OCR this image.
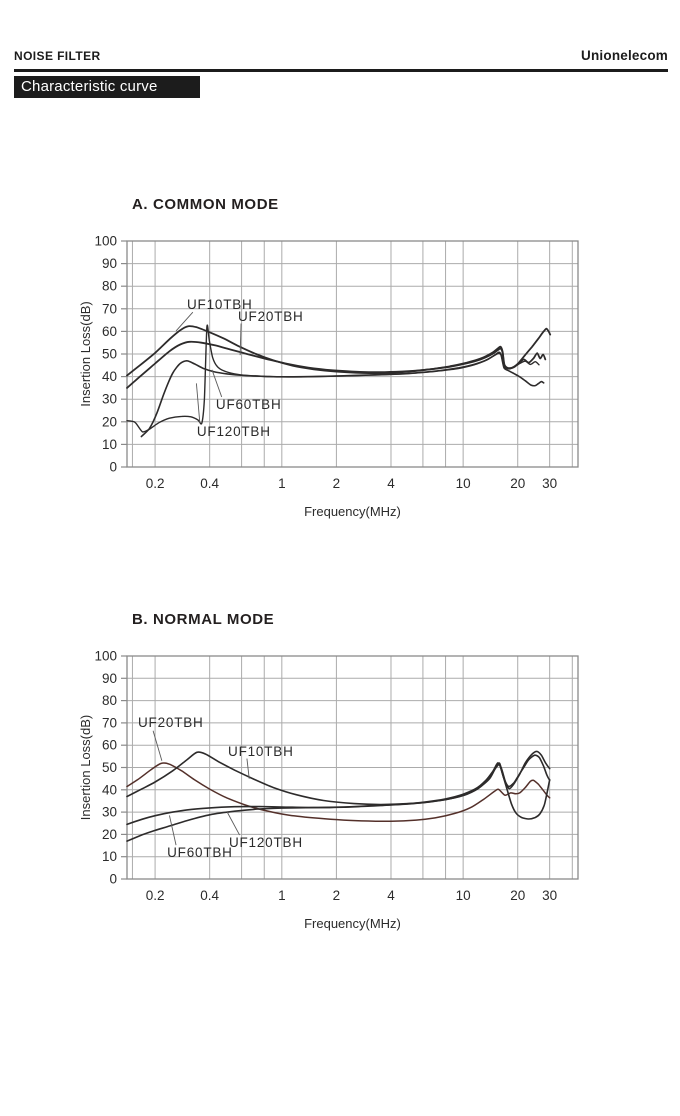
NOISE FILTER	Unionelecom
Characteristic curve
A. COMMON MODE
B. NORMAL MODE
0
10
20
30
40
50
60
70
80
90
100
0.2	0.4	1	2	4	10	20 30
Frequency(MHz)
Insertion Loss(dB)	UF10TBH
UF20TBH
UF60TBH
UF120TBH
0
10
20
30
40
50
60
70
80
90
100
0.2	0.4	1	2	4	10	20 30
Frequency(MHz)
Insertion Loss(dB)	UF20TBH
UF10TBH
UF60TBH
UF120TBH
